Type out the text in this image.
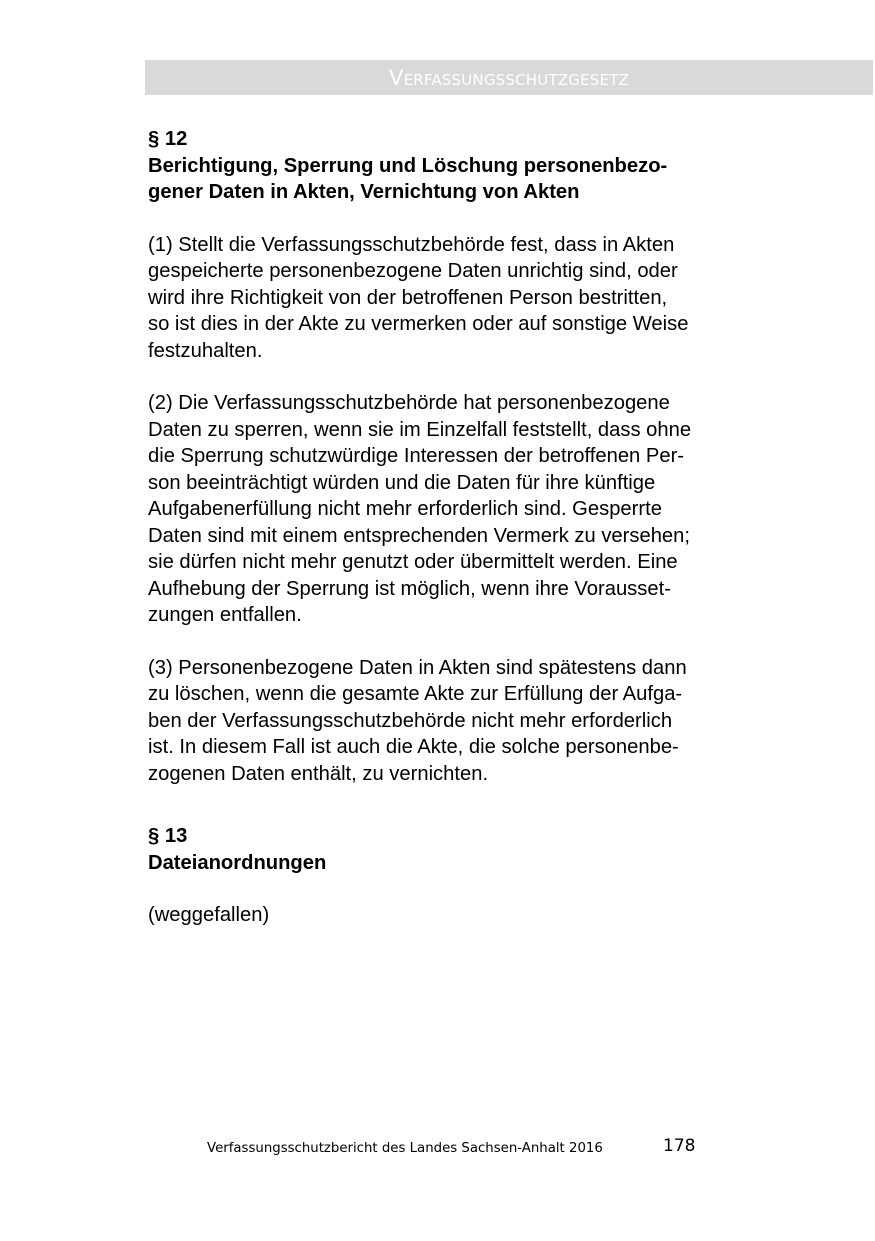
Verfassungsschutzgesetz
§ 12
Berichtigung, Sperrung und Löschung personenbezo-
gener Daten in Akten, Vernichtung von Akten
(1) Stellt die Verfassungsschutzbehörde fest, dass in Akten
gespeicherte personenbezogene Daten unrichtig sind, oder
wird ihre Richtigkeit von der betroffenen Person bestritten,
so ist dies in der Akte zu vermerken oder auf sonstige Weise
festzuhalten.
(2) Die Verfassungsschutzbehörde hat personenbezogene
Daten zu sperren, wenn sie im Einzelfall feststellt, dass ohne
die Sperrung schutzwürdige Interessen der betroffenen Per-
son beeinträchtigt würden und die Daten für ihre künftige
Aufgabenerfüllung nicht mehr erforderlich sind. Gesperrte
Daten sind mit einem entsprechenden Vermerk zu versehen;
sie dürfen nicht mehr genutzt oder übermittelt werden. Eine
Aufhebung der Sperrung ist möglich, wenn ihre Vorausset-
zungen entfallen.
(3) Personenbezogene Daten in Akten sind spätestens dann
zu löschen, wenn die gesamte Akte zur Erfüllung der Aufga-
ben der Verfassungsschutzbehörde nicht mehr erforderlich
ist. In diesem Fall ist auch die Akte, die solche personenbe-
zogenen Daten enthält, zu vernichten.
§ 13
Dateianordnungen
(weggefallen)
Verfassungsschutzbericht des Landes Sachsen-Anhalt 2016	178
